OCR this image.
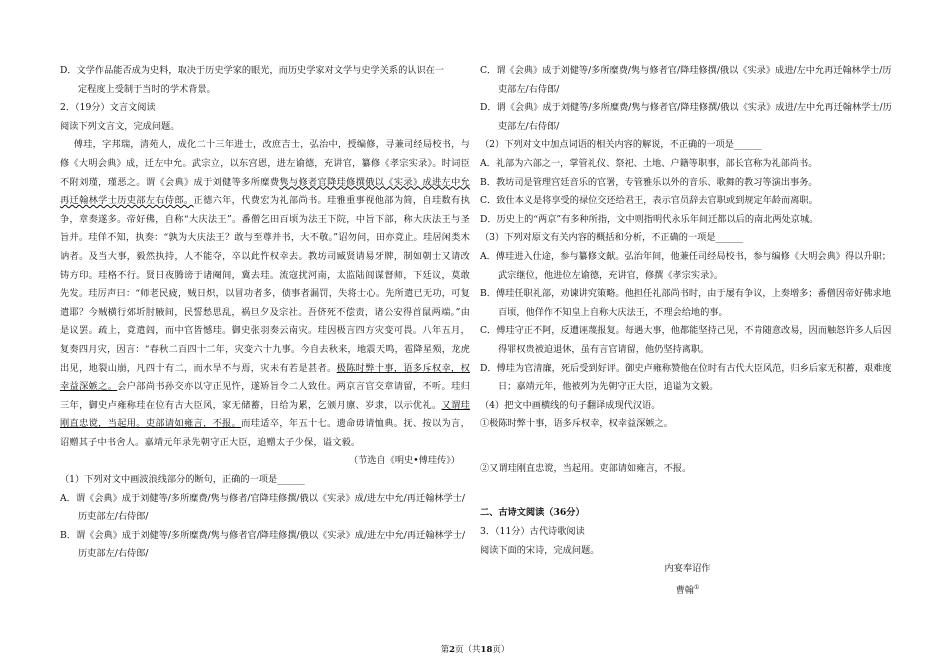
D．文学作品能否成为史料，取决于历史学家的眼光，而历史学家对文学与史学关系的认识在一
定程度上受制于当时的学术背景。

2．（19分）文言文阅读

阅读下列文言文，完成问题。

傅珪，字邦瑞，清苑人，成化二十三年进士，改庶吉士，弘治中，授编修，寻兼司经局校书，与修《大明会典》成，迁左中允。武宗立，以东宫恩，进左谕德，充讲官，纂修《孝宗实录》。时词臣不附刘瑾，瑾恶之。谓《会典》成于刘健等多所糜费隽与修者官降珪修撰俄以《实录》成进左中允再迁翰林学士历吏部左右侍郎。正德六年，代费宏为礼部尚书。珪雅重事视他部为简，自珪数有执争，章奏遂多。帝好佛，自称“大庆法王”。番僧乞田百顷为法王下院，中旨下部，称大庆法王与圣旨并。珪佯不知，执奏：“孰为大庆法王？敢与至尊并书，大不敬。”诏勿问，田亦竟止。珪居闲类木讷者。及当大事，毅然执持，人不能夺，卒以此忤权幸去。教坊司臧贤请易牙牌，制如朝士又请改铸方印。珪格不行。贤日夜腾谤于诸阉间，冀去珪。流寇扰河南，太监陆闾谋督师，下廷议，莫敢先发。珪厉声曰：“师老民疲，贼日炽，以冒功者多，债事者漏罚，失将士心。先所遣已无功，可复遣耶？今贼横行郊圻肘腋间，民誓愁思乱，祸旦夕及宗社。吾侪死不偿责，诸公安得首鼠两端。”由是议罢。疏上，竟遣闾，而中官皆憾珪。御史张羽奏云南灾。珪因极言四方灾变可畏。八年五月，复奏四月灾，因言：“春秋二百四十二年，灾变六十九事。今自去秋来，地震天鸣，雹降星殒，龙虎出见，地裂山崩，凡四十有二，而水旱不与焉，灾未有若是甚者。极陈时弊十事，语多斥权幸，权幸益深嫉之。会户部尚书孙交亦以守正见忤，遂矫旨令二人致仕。两京言官交章请留，不听。珪归三年，御史卢雍称珪在位有古大臣风，家无储蓄，日给为累，乞颁月廪、岁隶，以示优礼。又谓珪刚直忠谠，当起用。吏部请如雍言，不报。而珪适卒，年五十七。遗命毋请恤典。抚、按以为言，诏赠其子中书舍人。嘉靖元年录先朝守正大臣，追赠太子少保，谥文毅。

（节选自《明史•傅珪传》）

（1）下列对文中画波浪线部分的断句，正确的一项是______

A．谓《会典》成于刘健等/多所糜费/隽与修者/官降珪修撰/俄以《实录》成/进左中允/再迁翰林学士/历吏部左/右侍郎/

B．谓《会典》成于刘健等/多所糜费/隽与修者官/降珪修撰/俄以《实录》成/进左中允/再迁翰林学士/历吏部左/右侍郎/

C．谓《会典》成于刘健等/多所糜费/隽与修者官/降珪修撰/俄以《实录》成进/左中允再迁翰林学士/历吏部左/右侍郎/

D．谓《会典》成于刘健等/多所糜费/隽与修者官/降珪修撰/俄以《实录》成进/左中允再迁翰林学士/历吏部左/右侍郎/

（2）下列对文中加点词语的相关内容的解说，不正确的一项是______

A．礼部为六部之一，掌管礼仪、祭祀、土地、户籍等职事，部长官称为礼部尚书。

B．教坊司是管理宫廷音乐的官署，专管雅乐以外的音乐、歌舞的教习等演出事务。

C．致仕本义是将享受的禄位交还给君王，表示官员辞去官职或到规定年龄而离职。

D．历史上的“两京”有多种所指，文中则指明代永乐年间迁都以后的南北两处京城。

（3）下列对原文有关内容的概括和分析，不正确的一项是______

A．傅珪进入仕途，参与纂修文献。弘治年间，他兼任司经局校书，参与编修《大明会典》得以升职；武宗继位，他进位左谕德，充讲官，修撰《孝宗实录》。

B．傅珪任职礼部，劝谏讲究策略。他担任礼部尚书时，由于屡有争议，上奏增多；番僧因帝好佛求地百顷，他佯作不知皇上自称大庆法王，不理会给地的事。

C．傅珪守正不阿，反遭诬蔑报复。每遇大事，他都能坚持己见，不肯随意改易，因而触怒许多人后因得罪权贵被迫退休，虽有言官请留，他仍坚持离职。

D．傅珪为官清廉，死后受到好评。御史卢雍称赞他在位时有古代大臣风范，归乡后家无积蓄，艰难度日；嘉靖元年，他被列为先朝守正大臣，追谥为文毅。

（4）把文中画横线的句子翻译成现代汉语。

①极陈时弊十事，语多斥权幸，权幸益深嫉之。

②又谓珪刚直忠谠，当起用。吏部请如雍言，不报。

二、古诗文阅读（36分）

3．（11分）古代诗歌阅读

阅读下面的宋诗，完成问题。

内宴奉诏作

曹翰①

第2页（共18页）
